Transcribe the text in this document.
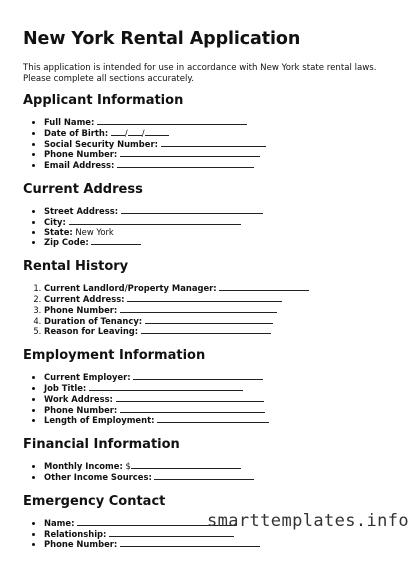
New York Rental Application

This application is intended for use in accordance with New York state rental laws. Please complete all sections accurately.

Applicant Information
• Full Name:
• Date of Birth: / /
• Social Security Number:
• Phone Number:
• Email Address:
Current Address
• Street Address:
• City:
• State: New York
• Zip Code:
Rental History
1. Current Landlord/Property Manager:
2. Current Address:
3. Phone Number:
4. Duration of Tenancy:
5. Reason for Leaving:
Employment Information
• Current Employer:
• Job Title:
• Work Address:
• Phone Number:
• Length of Employment:
Financial Information
• Monthly Income: $
• Other Income Sources:
Emergency Contact
• Name:
• Relationship:
• Phone Number:
smarttemplates.info
